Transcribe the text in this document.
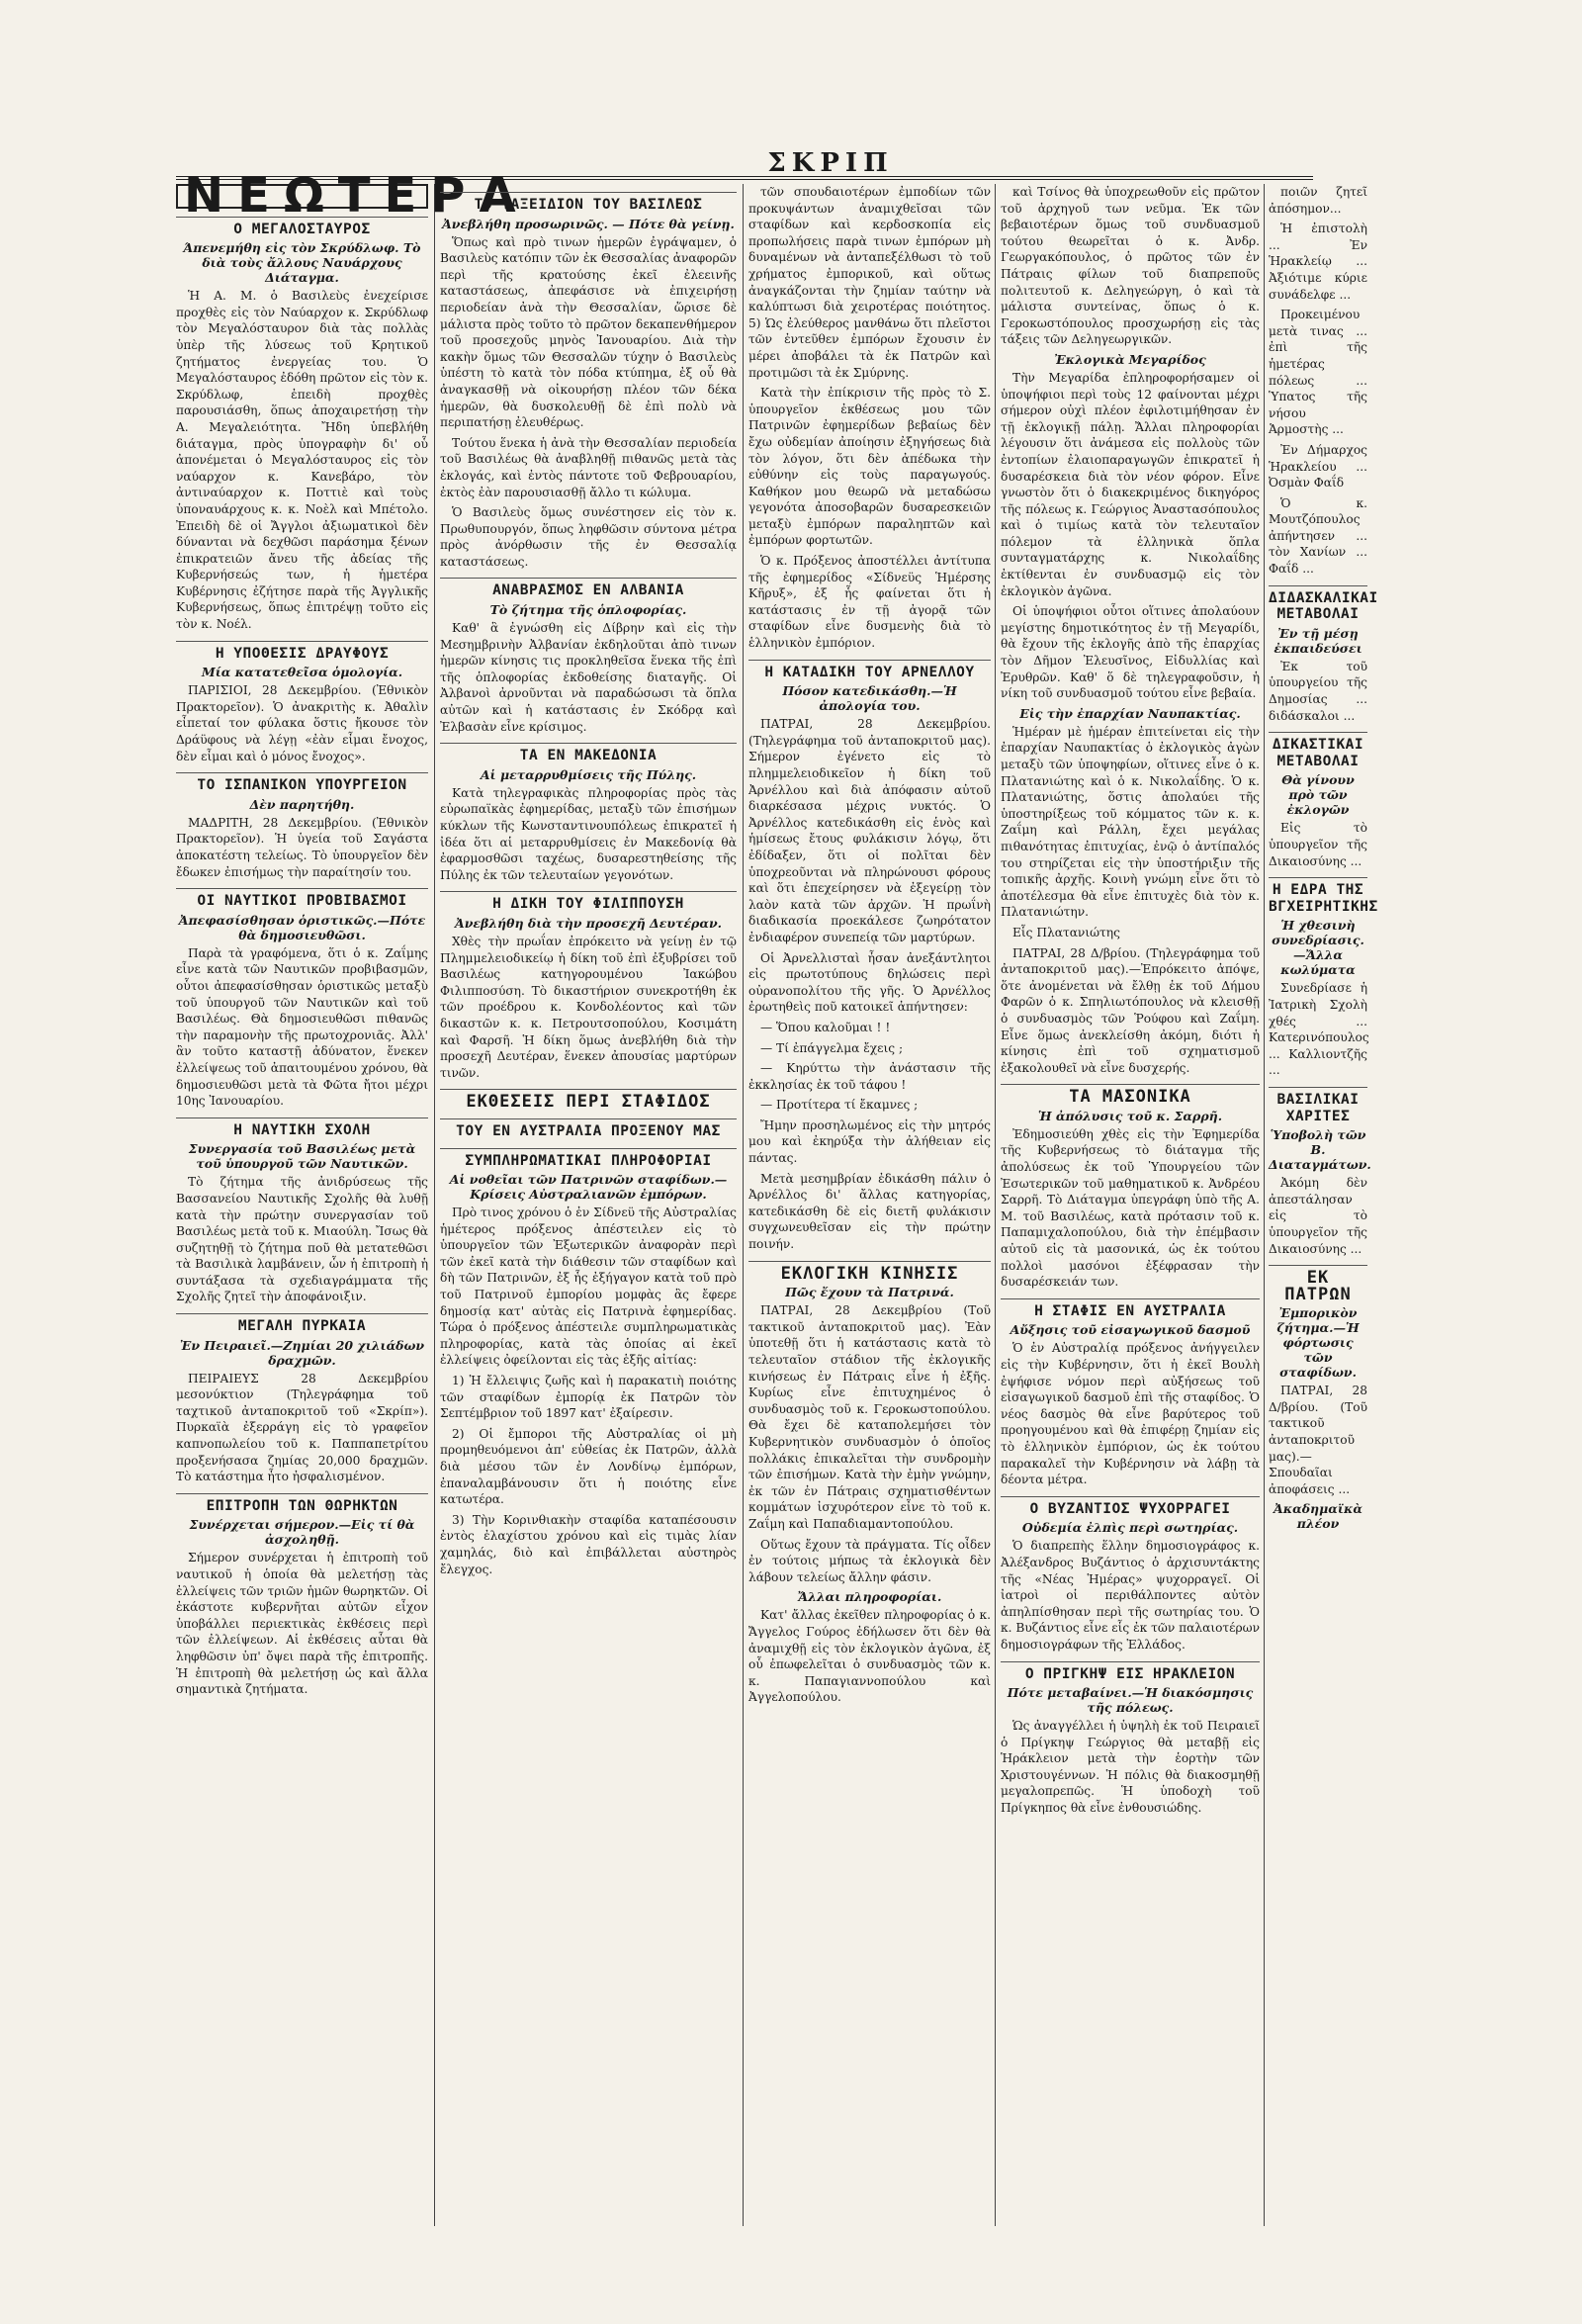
ΣΚΡΙΠ
ΝΕΩΤΕΡΑ
Ο ΜΕΓΑΛΟΣΤΑΥΡΟΣ
Άπενεμήθη εἰς τὸν Σκρύδλωφ. Τὸ διὰ τοὺς ἄλλους Ναυάρχους Διάταγμα.

Ἡ Α. Μ. ὁ Βασιλεὺς ἐνεχείρισε προχθὲς εἰς τὸν Ναύαρχον κ. Σκρύδλωφ τὸν Μεγαλόσταυρον διὰ τὰς πολλὰς ὑπὲρ τῆς λύσεως τοῦ Κρητικοῦ ζητήματος ἐνεργείας του. Ὁ Μεγαλόσταυρος ἐδόθη πρῶτον εἰς τὸν κ. Σκρύδλωφ, ἐπειδὴ προχθὲς παρουσιάσθη, ὅπως ἀποχαιρετήσῃ τὴν Α. Μεγαλειότητα. Ἤδη ὑπεβλήθη διάταγμα, πρὸς ὑπογραφὴν δι' οὗ ἀπονέμεται ὁ Μεγαλόσταυρος εἰς τὸν ναύαρχον κ. Κανεβάρο, τὸν ἀντιναύαρχον κ. Ποττιὲ καὶ τοὺς ὑποναυάρχους κ. κ. Νοὲλ καὶ Μπέτολο. Ἐπειδὴ δὲ οἱ Ἄγγλοι ἀξιωματικοὶ δὲν δύνανται νὰ δεχθῶσι παράσημα ξένων ἐπικρατειῶν ἄνευ τῆς ἀδείας τῆς Κυβερνήσεώς των, ἡ ἡμετέρα Κυβέρνησις ἐζήτησε παρὰ τῆς Ἀγγλικῆς Κυβερνήσεως, ὅπως ἐπιτρέψῃ τοῦτο εἰς τὸν κ. Νοέλ.

Η ΥΠΟΘΕΣΙΣ ΔΡΑΥΦΟΥΣ
Μία κατατεθεῖσα ὁμολογία.

ΠΑΡΙΣΙΟΙ, 28 Δεκεμβρίου. (Ἐθνικὸν Πρακτορεῖον). Ὁ ἀνακριτὴς κ. Ἀθαλὶν εἶπεταί τον φύλακα ὅστις ἤκουσε τὸν Δράϋφους νὰ λέγῃ «ἐὰν εἶμαι ἔνοχος, δὲν εἶμαι καὶ ὁ μόνος ἔνοχος».

ΤΟ ΙΣΠΑΝΙΚΟΝ ΥΠΟΥΡΓΕΙΟΝ
Δὲν παρητήθη.

ΜΑΔΡΙΤΗ, 28 Δεκεμβρίου. (Ἐθνικὸν Πρακτορεῖον). Ἡ ὑγεία τοῦ Σαγάστα ἀποκατέστη τελείως. Τὸ ὑπουργεῖον δὲν ἔδωκεν ἐπισήμως τὴν παραίτησίν του.

ΟΙ ΝΑΥΤΙΚΟΙ ΠΡΟΒΙΒΑΣΜΟΙ
Ἀπεφασίσθησαν ὁριστικῶς.—Πότε θὰ δημοσιευθῶσι.

Παρὰ τὰ γραφόμενα, ὅτι ὁ κ. Ζαΐμης εἶνε κατὰ τῶν Ναυτικῶν προβιβασμῶν, οὗτοι ἀπεφασίσθησαν ὁριστικῶς μεταξὺ τοῦ ὑπουργοῦ τῶν Ναυτικῶν καὶ τοῦ Βασιλέως. Θὰ δημοσιευθῶσι πιθανῶς τὴν παραμονὴν τῆς πρωτοχρονιᾶς. Ἀλλ' ἂν τοῦτο καταστῇ ἀδύνατον, ἕνεκεν ἐλλείψεως τοῦ ἀπαιτουμένου χρόνου, θὰ δημοσιευθῶσι μετὰ τὰ Φῶτα ἤτοι μέχρι 10ης Ἰανουαρίου.

Η ΝΑΥΤΙΚΗ ΣΧΟΛΗ
Συνεργασία τοῦ Βασιλέως μετὰ τοῦ ὑπουργοῦ τῶν Ναυτικῶν.

Τὸ ζήτημα τῆς ἀνιδρύσεως τῆς Βασσανείου Ναυτικῆς Σχολῆς θὰ λυθῇ κατὰ τὴν πρώτην συνεργασίαν τοῦ Βασιλέως μετὰ τοῦ κ. Μιαούλη. Ἴσως θὰ συζητηθῇ τὸ ζήτημα ποῦ θὰ μετατεθῶσι τὰ Βασιλικὰ λαμβάνειν, ὧν ἡ ἐπιτροπὴ ἡ συντάξασα τὰ σχεδιαγράμματα τῆς Σχολῆς ζητεῖ τὴν ἀποφάνοιξιν.

ΜΕΓΑΛΗ ΠΥΡΚΑΙΑ
Ἐν Πειραιεῖ.—Ζημίαι 20 χιλιάδων δραχμῶν.

ΠΕΙΡΑΙΕΥΣ 28 Δεκεμβρίου μεσονύκτιον (Τηλεγράφημα τοῦ ταχτικοῦ ἀνταποκριτοῦ τοῦ «Σκρίπ»). Πυρκαϊὰ ἐξερράγη εἰς τὸ γραφεῖον καπνοπωλείου τοῦ κ. Παππαπετρίτου προξενήσασα ζημίας 20,000 δραχμῶν. Τὸ κατάστημα ἦτο ἠσφαλισμένον.

ΕΠΙΤΡΟΠΗ ΤΩΝ ΘΩΡΗΚΤΩΝ
Συνέρχεται σήμερον.—Εἰς τί θὰ ἀσχοληθῇ.

Σήμερον συνέρχεται ἡ ἐπιτροπὴ τοῦ ναυτικοῦ ἡ ὁποία θὰ μελετήσῃ τὰς ἐλλείψεις τῶν τριῶν ἡμῶν θωρηκτῶν. Οἱ ἐκάστοτε κυβερνῆται αὐτῶν εἶχον ὑποβάλλει περιεκτικὰς ἐκθέσεις περὶ τῶν ἐλλείψεων. Αἱ ἐκθέσεις αὗται θὰ ληφθῶσιν ὑπ' ὄψει παρὰ τῆς ἐπιτροπῆς. Ἡ ἐπιτροπὴ θὰ μελετήσῃ ὡς καὶ ἄλλα σημαντικὰ ζητήματα.

ΤΟ ΤΑΞΕΙΔΙΟΝ ΤΟΥ ΒΑΣΙΛΕΩΣ
Ἀνεβλήθη προσωρινῶς. — Πότε θὰ γείνῃ.

Ὅπως καὶ πρὸ τινων ἡμερῶν ἐγράψαμεν, ὁ Βασιλεὺς κατόπιν τῶν ἐκ Θεσσαλίας ἀναφορῶν περὶ τῆς κρατούσης ἐκεῖ ἐλεεινῆς καταστάσεως, ἀπεφάσισε νὰ ἐπιχειρήσῃ περιοδείαν ἀνὰ τὴν Θεσσαλίαν, ὥρισε δὲ μάλιστα πρὸς τοῦτο τὸ πρῶτον δεκαπενθήμερον τοῦ προσεχοῦς μηνὸς Ἰανουαρίου. Διὰ τὴν κακὴν ὅμως τῶν Θεσσαλῶν τύχην ὁ Βασιλεὺς ὑπέστη τὸ κατὰ τὸν πόδα κτύπημα, ἐξ οὗ θὰ ἀναγκασθῇ νὰ οἰκουρήσῃ πλέον τῶν δέκα ἡμερῶν, θὰ δυσκολευθῇ δὲ ἐπὶ πολὺ νὰ περιπατήσῃ ἐλευθέρως.

Τούτου ἕνεκα ἡ ἀνὰ τὴν Θεσσαλίαν περιοδεία τοῦ Βασιλέως θὰ ἀναβληθῇ πιθανῶς μετὰ τὰς ἐκλογάς, καὶ ἐντὸς πάντοτε τοῦ Φεβρουαρίου, ἐκτὸς ἐὰν παρουσιασθῇ ἄλλο τι κώλυμα.

Ὁ Βασιλεὺς ὅμως συνέστησεν εἰς τὸν κ. Πρωθυπουργόν, ὅπως ληφθῶσιν σύντονα μέτρα πρὸς ἀνόρθωσιν τῆς ἐν Θεσσαλίᾳ καταστάσεως.

ΑΝΑΒΡΑΣΜΟΣ ΕΝ ΑΛΒΑΝΙΑ
Τὸ ζήτημα τῆς ὁπλοφορίας.

Καθ' ἃ ἐγνώσθη εἰς Δίβρην καὶ εἰς τὴν Μεσημβρινὴν Ἀλβανίαν ἐκδηλοῦται ἀπὸ τινων ἡμερῶν κίνησις τις προκληθεῖσα ἕνεκα τῆς ἐπὶ τῆς ὁπλοφορίας ἐκδοθείσης διαταγῆς. Οἱ Ἀλβανοὶ ἀρνοῦνται νὰ παραδώσωσι τὰ ὅπλα αὐτῶν καὶ ἡ κατάστασις ἐν Σκόδρᾳ καὶ Ἐλβασὰν εἶνε κρίσιμος.

ΤΑ ΕΝ ΜΑΚΕΔΟΝΙΑ
Αἱ μεταρρυθμίσεις τῆς Πύλης.

Κατὰ τηλεγραφικὰς πληροφορίας πρὸς τὰς εὐρωπαϊκὰς ἐφημερίδας, μεταξὺ τῶν ἐπισήμων κύκλων τῆς Κωνσταντινουπόλεως ἐπικρατεῖ ἡ ἰδέα ὅτι αἱ μεταρρυθμίσεις ἐν Μακεδονίᾳ θὰ ἐφαρμοσθῶσι ταχέως, δυσαρεστηθείσης τῆς Πύλης ἐκ τῶν τελευταίων γεγονότων.

Η ΔΙΚΗ ΤΟΥ ΦΙΛΙΠΠΟΥΣΗ
Ἀνεβλήθη διὰ τὴν προσεχῆ Δευτέραν.

Χθὲς τὴν πρωΐαν ἐπρόκειτο νὰ γείνῃ ἐν τῷ Πλημμελειοδικείῳ ἡ δίκη τοῦ ἐπὶ ἐξυβρίσει τοῦ Βασιλέως κατηγορουμένου Ἰακώβου Φιλιπποσύση. Τὸ δικαστήριον συνεκροτήθη ἐκ τῶν προέδρου κ. Κονδολέοντος καὶ τῶν δικαστῶν κ. κ. Πετρουτσοπούλου, Κοσιμάτη καὶ Φαρσῆ. Ἡ δίκη ὅμως ἀνεβλήθη διὰ τὴν προσεχῆ Δευτέραν, ἕνεκεν ἀπουσίας μαρτύρων τινῶν.

ΕΚΘΕΣΕΙΣ ΠΕΡΙ ΣΤΑΦΙΔΟΣ
ΤΟΥ ΕΝ ΑΥΣΤΡΑΛΙΑ ΠΡΟΞΕΝΟΥ ΜΑΣ
ΣΥΜΠΛΗΡΩΜΑΤΙΚΑΙ ΠΛΗΡΟΦΟΡΙΑΙ
Αἱ νοθεῖαι τῶν Πατρινῶν σταφίδων.—Κρίσεις Αὐστραλιανῶν ἐμπόρων.

Πρὸ τινος χρόνου ὁ ἐν Σίδνεϋ τῆς Αὐστραλίας ἡμέτερος πρόξενος ἀπέστειλεν εἰς τὸ ὑπουργεῖον τῶν Ἐξωτερικῶν ἀναφορὰν περὶ τῶν ἐκεῖ κατὰ τὴν διάθεσιν τῶν σταφίδων καὶ δὴ τῶν Πατρινῶν, ἐξ ἧς ἐξήγαγον κατὰ τοῦ πρὸ τοῦ Πατρινοῦ ἐμπορίου μομφὰς ἃς ἔφερε δημοσίᾳ κατ' αὐτὰς εἰς Πατρινὰ ἐφημερίδας. Τώρα ὁ πρόξενος ἀπέστειλε συμπληρωματικὰς πληροφορίας, κατὰ τὰς ὁποίας αἱ ἐκεῖ ἐλλείψεις ὀφείλονται εἰς τὰς ἑξῆς αἰτίας:

1) Ἡ ἔλλειψις ζωῆς καὶ ἡ παρακατιὴ ποιότης τῶν σταφίδων ἐμπορίᾳ ἐκ Πατρῶν τὸν Σεπτέμβριον τοῦ 1897 κατ' ἐξαίρεσιν.

2) Οἱ ἔμποροι τῆς Αὐστραλίας οἱ μὴ προμηθευόμενοι ἀπ' εὐθείας ἐκ Πατρῶν, ἀλλὰ διὰ μέσου τῶν ἐν Λονδίνῳ ἐμπόρων, ἐπαναλαμβάνουσιν ὅτι ἡ ποιότης εἶνε κατωτέρα.

3) Τὴν Κορινθιακὴν σταφίδα καταπέσουσιν ἐντὸς ἐλαχίστου χρόνου καὶ εἰς τιμὰς λίαν χαμηλάς, διὸ καὶ ἐπιβάλλεται αὐστηρὸς ἔλεγχος.

τῶν σπουδαιοτέρων ἐμποδίων τῶν προκυψάντων ἀναμιχθεῖσαι τῶν σταφίδων καὶ κερδοσκοπία εἰς προπωλήσεις παρὰ τινων ἐμπόρων μὴ δυναμένων νὰ ἀνταπεξέλθωσι τὸ τοῦ χρήματος ἐμπορικοῦ, καὶ οὕτως ἀναγκάζονται τὴν ζημίαν ταύτην νὰ καλύπτωσι διὰ χειροτέρας ποιότητος. 5) Ὡς ἐλεύθερος μανθάνω ὅτι πλεῖστοι τῶν ἐντεῦθεν ἐμπόρων ἔχουσιν ἐν μέρει ἀποβάλει τὰ ἐκ Πατρῶν καὶ προτιμῶσι τὰ ἐκ Σμύρνης.

Κατὰ τὴν ἐπίκρισιν τῆς πρὸς τὸ Σ. ὑπουργεῖον ἐκθέσεως μου τῶν Πατρινῶν ἐφημερίδων βεβαίως δὲν ἔχω οὐδεμίαν ἀποίησιν ἐξηγήσεως διὰ τὸν λόγον, ὅτι δὲν ἀπέδωκα τὴν εὐθύνην εἰς τοὺς παραγωγούς. Καθήκον μου θεωρῶ νὰ μεταδώσω γεγονότα ἀποσοβαρῶν δυσαρεσκειῶν μεταξὺ ἐμπόρων παραληπτῶν καὶ ἐμπόρων φορτωτῶν.

Ὁ κ. Πρόξενος ἀποστέλλει ἀντίτυπα τῆς ἐφημερίδος «Σίδνεϋς Ἡμέρσης Κῆρυξ», ἐξ ἧς φαίνεται ὅτι ἡ κατάστασις ἐν τῇ ἀγορᾷ τῶν σταφίδων εἶνε δυσμενὴς διὰ τὸ ἑλληνικὸν ἐμπόριον.

Η ΚΑΤΑΔΙΚΗ ΤΟΥ ΑΡΝΕΛΛΟΥ
Πόσον κατεδικάσθη.—Ἡ ἀπολογία του.

ΠΑΤΡΑΙ, 28 Δεκεμβρίου. (Τηλεγράφημα τοῦ ἀνταποκριτοῦ μας). Σήμερον ἐγένετο εἰς τὸ πλημμελειοδικεῖον ἡ δίκη τοῦ Ἀρνέλλου καὶ διὰ ἀπόφασιν αὐτοῦ διαρκέσασα μέχρις νυκτός. Ὁ Ἀρνέλλος κατεδικάσθη εἰς ἑνὸς καὶ ἡμίσεως ἔτους φυλάκισιν λόγῳ, ὅτι ἐδίδαξεν, ὅτι οἱ πολῖται δὲν ὑποχρεοῦνται νὰ πληρώνουσι φόρους καὶ ὅτι ἐπεχείρησεν νὰ ἐξεγείρῃ τὸν λαὸν κατὰ τῶν ἀρχῶν. Ἡ πρωΐνὴ διαδικασία προεκάλεσε ζωηρότατον ἐνδιαφέρον συνεπείᾳ τῶν μαρτύρων.

Οἱ Ἀρνελλισταὶ ἦσαν ἀνεξάντλητοι εἰς πρωτοτύπους δηλώσεις περὶ οὐρανοπολίτου τῆς γῆς. Ὁ Ἀρνέλλος ἐρωτηθεὶς ποῦ κατοικεῖ ἀπήντησεν:

— Ὅπου καλοῦμαι ! !

— Τί ἐπάγγελμα ἔχεις ;

— Κηρύττω τὴν ἀνάστασιν τῆς ἐκκλησίας ἐκ τοῦ τάφου !

— Προτίτερα τί ἔκαμνες ;

Ἤμην προσηλωμένος εἰς τὴν μητρός μου καὶ ἐκηρύξα τὴν ἀλήθειαν εἰς πάντας.

Μετὰ μεσημβρίαν ἐδικάσθη πάλιν ὁ Ἀρνέλλος δι' ἄλλας κατηγορίας, κατεδικάσθη δὲ εἰς διετῆ φυλάκισιν συγχωνευθεῖσαν εἰς τὴν πρώτην ποινήν.

ΕΚΛΟΓΙΚΗ ΚΙΝΗΣΙΣ
Πῶς ἔχουν τὰ Πατρινά.

ΠΑΤΡΑΙ, 28 Δεκεμβρίου (Τοῦ τακτικοῦ ἀνταποκριτοῦ μας). Ἐὰν ὑποτεθῇ ὅτι ἡ κατάστασις κατὰ τὸ τελευταῖον στάδιον τῆς ἐκλογικῆς κινήσεως ἐν Πάτραις εἶνε ἡ ἐξῆς. Κυρίως εἶνε ἐπιτυχημένος ὁ συνδυασμὸς τοῦ κ. Γεροκωστοπούλου. Θὰ ἔχει δὲ καταπολεμήσει τὸν Κυβερνητικὸν συνδυασμὸν ὁ ὁποῖος πολλάκις ἐπικαλεῖται τὴν συνδρομὴν τῶν ἐπισήμων. Κατὰ τὴν ἐμὴν γνώμην, ἐκ τῶν ἐν Πάτραις σχηματισθέντων κομμάτων ἰσχυρότερον εἶνε τὸ τοῦ κ. Ζαΐμη καὶ Παπαδιαμαντοπούλου.

Οὕτως ἔχουν τὰ πράγματα. Τίς οἶδεν ἐν τούτοις μήπως τὰ ἐκλογικὰ δὲν λάβουν τελείως ἄλλην φάσιν.

Ἄλλαι πληροφορίαι.

Κατ' ἄλλας ἐκεῖθεν πληροφορίας ὁ κ. Ἄγγελος Γούρος ἐδήλωσεν ὅτι δὲν θὰ ἀναμιχθῇ εἰς τὸν ἐκλογικὸν ἀγῶνα, ἐξ οὗ ἐπωφελεῖται ὁ συνδυασμὸς τῶν κ. κ. Παπαγιαννοπούλου καὶ Ἀγγελοπούλου.

καὶ Τσίνος θὰ ὑποχρεωθοῦν εἰς πρῶτον τοῦ ἀρχηγοῦ των νεῦμα. Ἐκ τῶν βεβαιοτέρων ὅμως τοῦ συνδυασμοῦ τούτου θεωρεῖται ὁ κ. Ἀνδρ. Γεωργακόπουλος, ὁ πρῶτος τῶν ἐν Πάτραις φίλων τοῦ διαπρεποῦς πολιτευτοῦ κ. Δεληγεώργη, ὁ καὶ τὰ μάλιστα συντείνας, ὅπως ὁ κ. Γεροκωστόπουλος προσχωρήσῃ εἰς τὰς τάξεις τῶν Δεληγεωργικῶν.

Ἐκλογικὰ Μεγαρίδος

Τὴν Μεγαρίδα ἐπληροφορήσαμεν οἱ ὑποψήφιοι περὶ τοὺς 12 φαίνονται μέχρι σήμερον οὐχὶ πλέον ἐφιλοτιμήθησαν ἐν τῇ ἐκλογικῇ πάλῃ. Ἄλλαι πληροφορίαι λέγουσιν ὅτι ἀνάμεσα εἰς πολλοὺς τῶν ἐντοπίων ἐλαιοπαραγωγῶν ἐπικρατεῖ ἡ δυσαρέσκεια διὰ τὸν νέον φόρον. Εἶνε γνωστὸν ὅτι ὁ διακεκριμένος δικηγόρος τῆς πόλεως κ. Γεώργιος Ἀναστασόπουλος καὶ ὁ τιμίως κατὰ τὸν τελευταῖον πόλεμον τὰ ἑλληνικὰ ὅπλα συνταγματάρχης κ. Νικολαΐδης ἐκτίθενται ἐν συνδυασμῷ εἰς τὸν ἐκλογικὸν ἀγῶνα.

Οἱ ὑποψήφιοι οὗτοι οἵτινες ἀπολαύουν μεγίστης δημοτικότητος ἐν τῇ Μεγαρίδι, θὰ ἔχουν τῆς ἐκλογῆς ἀπὸ τῆς ἐπαρχίας τὸν Δῆμον Ἐλευσῖνος, Εἰδυλλίας καὶ Ἐρυθρῶν. Καθ' ὅ δὲ τηλεγραφοῦσιν, ἡ νίκη τοῦ συνδυασμοῦ τούτου εἶνε βεβαία.

Εἰς τὴν ἐπαρχίαν Ναυπακτίας.

Ἡμέραν μὲ ἡμέραν ἐπιτείνεται εἰς τὴν ἐπαρχίαν Ναυπακτίας ὁ ἐκλογικὸς ἀγὼν μεταξὺ τῶν ὑποψηφίων, οἵτινες εἶνε ὁ κ. Πλατανιώτης καὶ ὁ κ. Νικολαΐδης. Ὁ κ. Πλατανιώτης, ὅστις ἀπολαύει τῆς ὑποστηρίξεως τοῦ κόμματος τῶν κ. κ. Ζαΐμη καὶ Ράλλη, ἔχει μεγάλας πιθανότητας ἐπιτυχίας, ἐνῷ ὁ ἀντίπαλός του στηρίζεται εἰς τὴν ὑποστήριξιν τῆς τοπικῆς ἀρχῆς. Κοινὴ γνώμη εἶνε ὅτι τὸ ἀποτέλεσμα θὰ εἶνε ἐπιτυχὲς διὰ τὸν κ. Πλατανιώτην.

Εἷς Πλατανιώτης

ΠΑΤΡΑΙ, 28 Δ/βρίου. (Τηλεγράφημα τοῦ ἀνταποκριτοῦ μας).—Ἐπρόκειτο ἀπόψε, ὅτε ἀνομένεται νὰ ἔλθῃ ἐκ τοῦ Δήμου Φαρῶν ὁ κ. Σπηλιωτόπουλος νὰ κλεισθῇ ὁ συνδυασμὸς τῶν Ῥούφου καὶ Ζαΐμη. Εἶνε ὅμως ἀνεκλείσθη ἀκόμη, διότι ἡ κίνησις ἐπὶ τοῦ σχηματισμοῦ ἐξακολουθεῖ νὰ εἶνε δυσχερής.

ΤΑ ΜΑΣΟΝΙΚΑ
Ἡ ἀπόλυσις τοῦ κ. Σαρρῆ.

Ἐδημοσιεύθη χθὲς εἰς τὴν Ἐφημερίδα τῆς Κυβερνήσεως τὸ διάταγμα τῆς ἀπολύσεως ἐκ τοῦ Ὑπουργείου τῶν Ἐσωτερικῶν τοῦ μαθηματικοῦ κ. Ἀνδρέου Σαρρῆ. Τὸ Διάταγμα ὑπεγράφη ὑπὸ τῆς Α. Μ. τοῦ Βασιλέως, κατὰ πρότασιν τοῦ κ. Παπαμιχαλοπούλου, διὰ τὴν ἐπέμβασιν αὐτοῦ εἰς τὰ μασονικά, ὡς ἐκ τούτου πολλοὶ μασόνοι ἐξέφρασαν τὴν δυσαρέσκειάν των.

Η ΣΤΑΦΙΣ ΕΝ ΑΥΣΤΡΑΛΙΑ
Αὔξησις τοῦ εἰσαγωγικοῦ δασμοῦ

Ὁ ἐν Αὐστραλίᾳ πρόξενος ἀνήγγειλεν εἰς τὴν Κυβέρνησιν, ὅτι ἡ ἐκεῖ Βουλὴ ἐψήφισε νόμον περὶ αὐξήσεως τοῦ εἰσαγωγικοῦ δασμοῦ ἐπὶ τῆς σταφίδος. Ὁ νέος δασμὸς θὰ εἶνε βαρύτερος τοῦ προηγουμένου καὶ θὰ ἐπιφέρῃ ζημίαν εἰς τὸ ἑλληνικὸν ἐμπόριον, ὡς ἐκ τούτου παρακαλεῖ τὴν Κυβέρνησιν νὰ λάβῃ τὰ δέοντα μέτρα.

Ο ΒΥΖΑΝΤΙΟΣ ΨΥΧΟΡΡΑΓΕΙ
Οὐδεμία ἐλπὶς περὶ σωτηρίας.

Ὁ διαπρεπὴς ἕλλην δημοσιογράφος κ. Ἀλέξανδρος Βυζάντιος ὁ ἀρχισυντάκτης τῆς «Νέας Ἡμέρας» ψυχορραγεῖ. Οἱ ἰατροὶ οἱ περιθάλποντες αὐτὸν ἀπηλπίσθησαν περὶ τῆς σωτηρίας του. Ὁ κ. Βυζάντιος εἶνε εἷς ἐκ τῶν παλαιοτέρων δημοσιογράφων τῆς Ἑλλάδος.

Ο ΠΡΙΓΚΗΨ ΕΙΣ ΗΡΑΚΛΕΙΟΝ
Πότε μεταβαίνει.—Ἡ διακόσμησις τῆς πόλεως.

Ὡς ἀναγγέλλει ἡ ὑψηλὴ ἐκ τοῦ Πειραιεῖ ὁ Πρίγκηψ Γεώργιος θὰ μεταβῇ εἰς Ἡράκλειον μετὰ τὴν ἑορτὴν τῶν Χριστουγέννων. Ἡ πόλις θὰ διακοσμηθῇ μεγαλοπρεπῶς. Ἡ ὑποδοχὴ τοῦ Πρίγκηπος θὰ εἶνε ἐνθουσιώδης.

ποιῶν ζητεῖ ἀπόσημον...

Ἡ ἐπιστολὴ ... Ἐν Ἡρακλείῳ ... Ἀξιότιμε κύριε συνάδελφε ...

Προκειμένου μετὰ τινας ... ἐπὶ τῆς ἡμετέρας πόλεως ... Ὑπατος τῆς νήσου Ἁρμοστὴς ...

Ἐν Δήμαρχος Ἡρακλείου ... Ὀσμὰν Φαΐδ

Ὁ κ. Μουτζόπουλος ἀπήντησεν ... τὸν Χανίων ... Φαΐδ ...

ΔΙΔΑΣΚΑΛΙΚΑΙ ΜΕΤΑΒΟΛΑΙ
Ἐν τῇ μέσῃ ἐκπαιδεύσει

Ἐκ τοῦ ὑπουργείου τῆς Δημοσίας ... διδάσκαλοι ...

ΔΙΚΑΣΤΙΚΑΙ ΜΕΤΑΒΟΛΑΙ
Θὰ γίνουν πρὸ τῶν ἐκλογῶν

Εἰς τὸ ὑπουργεῖον τῆς Δικαιοσύνης ...

Η ΕΔΡΑ ΤΗΣ ΒΓΧΕΙΡΗΤΙΚΗΣ
Ἡ χθεσινὴ συνεδρίασις.—Ἄλλα κωλύματα

Συνεδρίασε ἡ Ἰατρικὴ Σχολὴ χθές ... Κατερινόπουλος ... Καλλιοντζῆς ...

ΒΑΣΙΛΙΚΑΙ ΧΑΡΙΤΕΣ
Ὑποβολὴ τῶν Β. Διαταγμάτων.

Ἀκόμη δὲν ἀπεστάλησαν εἰς τὸ ὑπουργεῖον τῆς Δικαιοσύνης ...

ΕΚ ΠΑΤΡΩΝ
Ἐμπορικὸν ζήτημα.—Ἡ φόρτωσις τῶν σταφίδων.

ΠΑΤΡΑΙ, 28 Δ/βρίου. (Τοῦ τακτικοῦ ἀνταποκριτοῦ μας).—Σπουδαῖαι ἀποφάσεις ...

Ἀκαδημαϊκὰ πλέον
